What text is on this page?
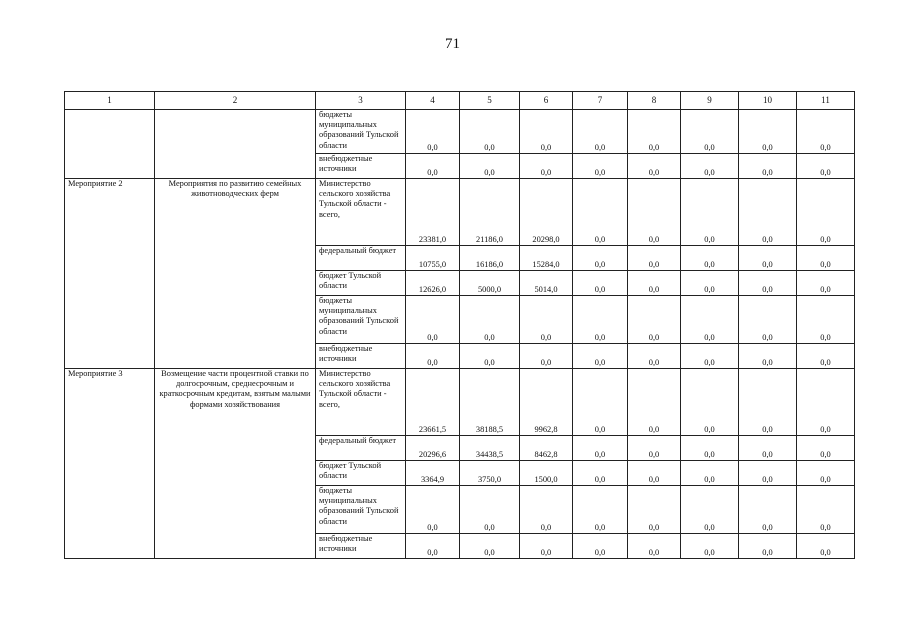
71
1	2	3	4	5	6	7	8	9	10	11
		бюджеты муниципальных образований Тульской области	0,0	0,0	0,0	0,0	0,0	0,0	0,0	0,0
		внебюджетные источники	0,0	0,0	0,0	0,0	0,0	0,0	0,0	0,0
Мероприятие 2	Мероприятия по развитию семейных животноводческих ферм	Министерство сельского хозяйства Тульской области - всего,	23381,0	21186,0	20298,0	0,0	0,0	0,0	0,0	0,0
		федеральный бюджет	10755,0	16186,0	15284,0	0,0	0,0	0,0	0,0	0,0
		бюджет Тульской области	12626,0	5000,0	5014,0	0,0	0,0	0,0	0,0	0,0
		бюджеты муниципальных образований Тульской области	0,0	0,0	0,0	0,0	0,0	0,0	0,0	0,0
		внебюджетные источники	0,0	0,0	0,0	0,0	0,0	0,0	0,0	0,0
Мероприятие 3	Возмещение части процентной ставки по долгосрочным, среднесрочным и краткосрочным кредитам, взятым малыми формами хозяйствования	Министерство сельского хозяйства Тульской области - всего,	23661,5	38188,5	9962,8	0,0	0,0	0,0	0,0	0,0
		федеральный бюджет	20296,6	34438,5	8462,8	0,0	0,0	0,0	0,0	0,0
		бюджет Тульской области	3364,9	3750,0	1500,0	0,0	0,0	0,0	0,0	0,0
		бюджеты муниципальных образований Тульской области	0,0	0,0	0,0	0,0	0,0	0,0	0,0	0,0
		внебюджетные источники	0,0	0,0	0,0	0,0	0,0	0,0	0,0	0,0
